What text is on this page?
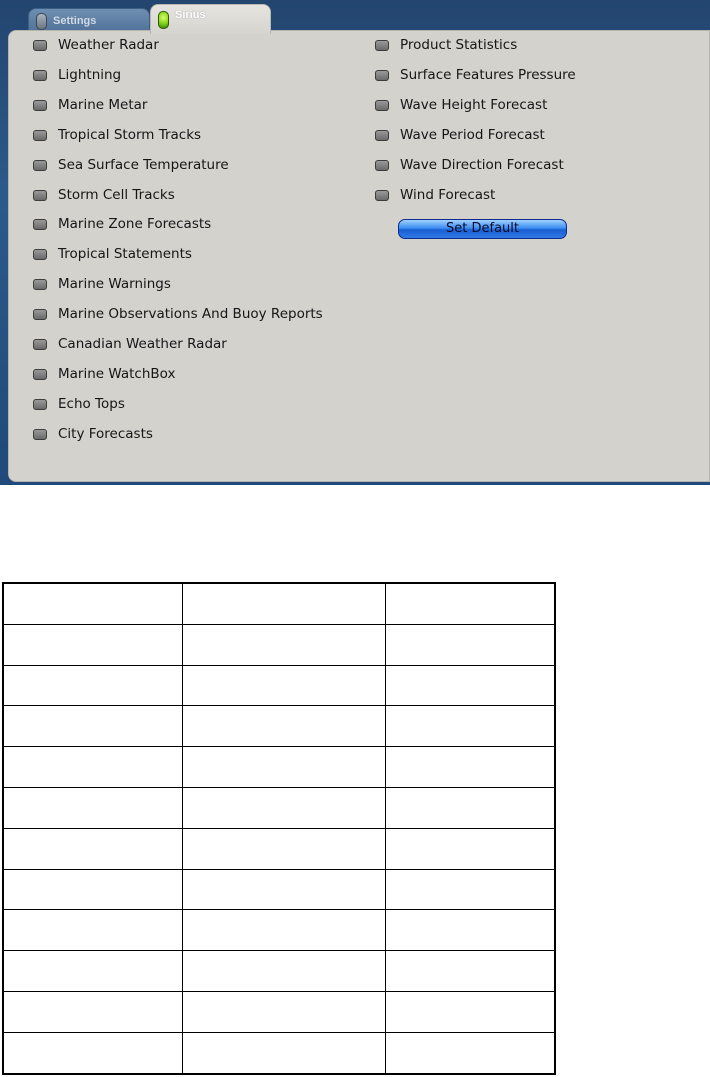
Settings	Sirius
Weather Radar
Lightning
Marine Metar
Tropical Storm Tracks
Sea Surface Temperature
Storm Cell Tracks
Marine Zone Forecasts
Tropical Statements
Marine Warnings
Marine Observations And Buoy Reports
Canadian Weather Radar
Marine WatchBox
Echo Tops
City Forecasts
Product Statistics
Surface Features Pressure
Wave Height Forecast
Wave Period Forecast
Wave Direction Forecast
Wind Forecast
Set Default
